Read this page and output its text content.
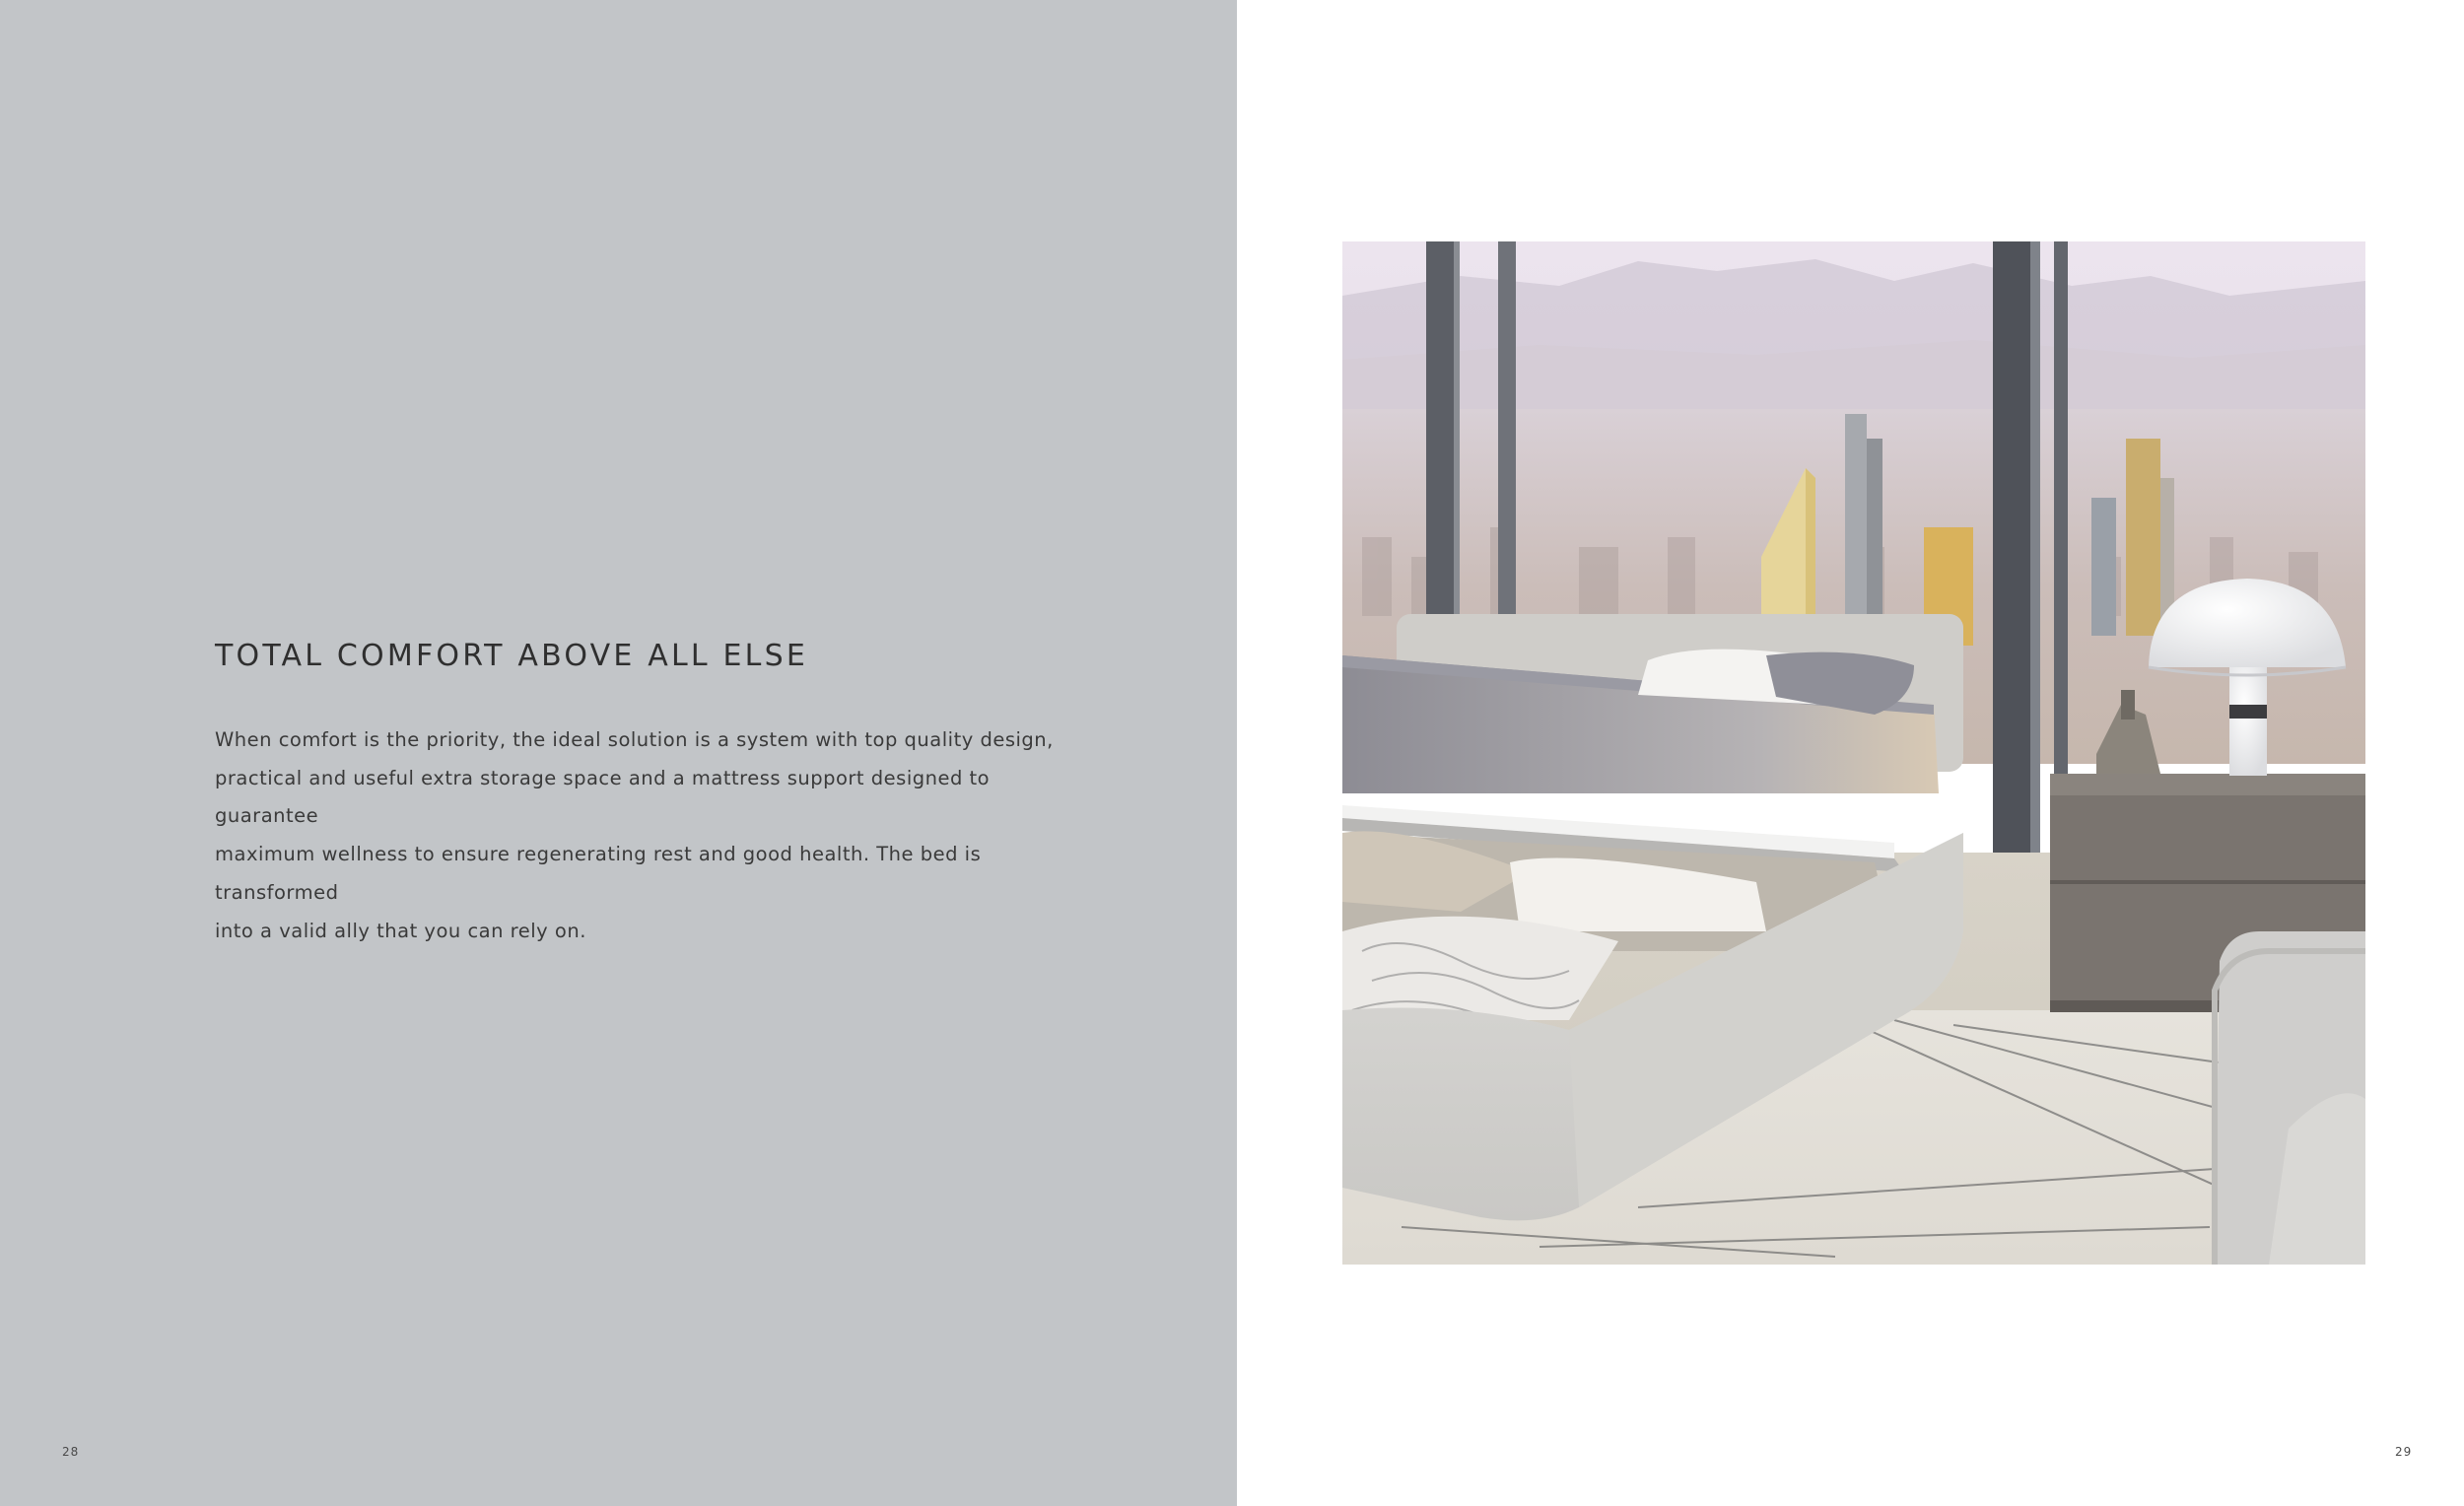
TOTAL COMFORT ABOVE ALL ELSE

When comfort is the priority, the ideal solution is a system with top quality design,
practical and useful extra storage space and a mattress support designed to guarantee
maximum wellness to ensure regenerating rest and good health. The bed is transformed
into a valid ally that you can rely on.

28	29
